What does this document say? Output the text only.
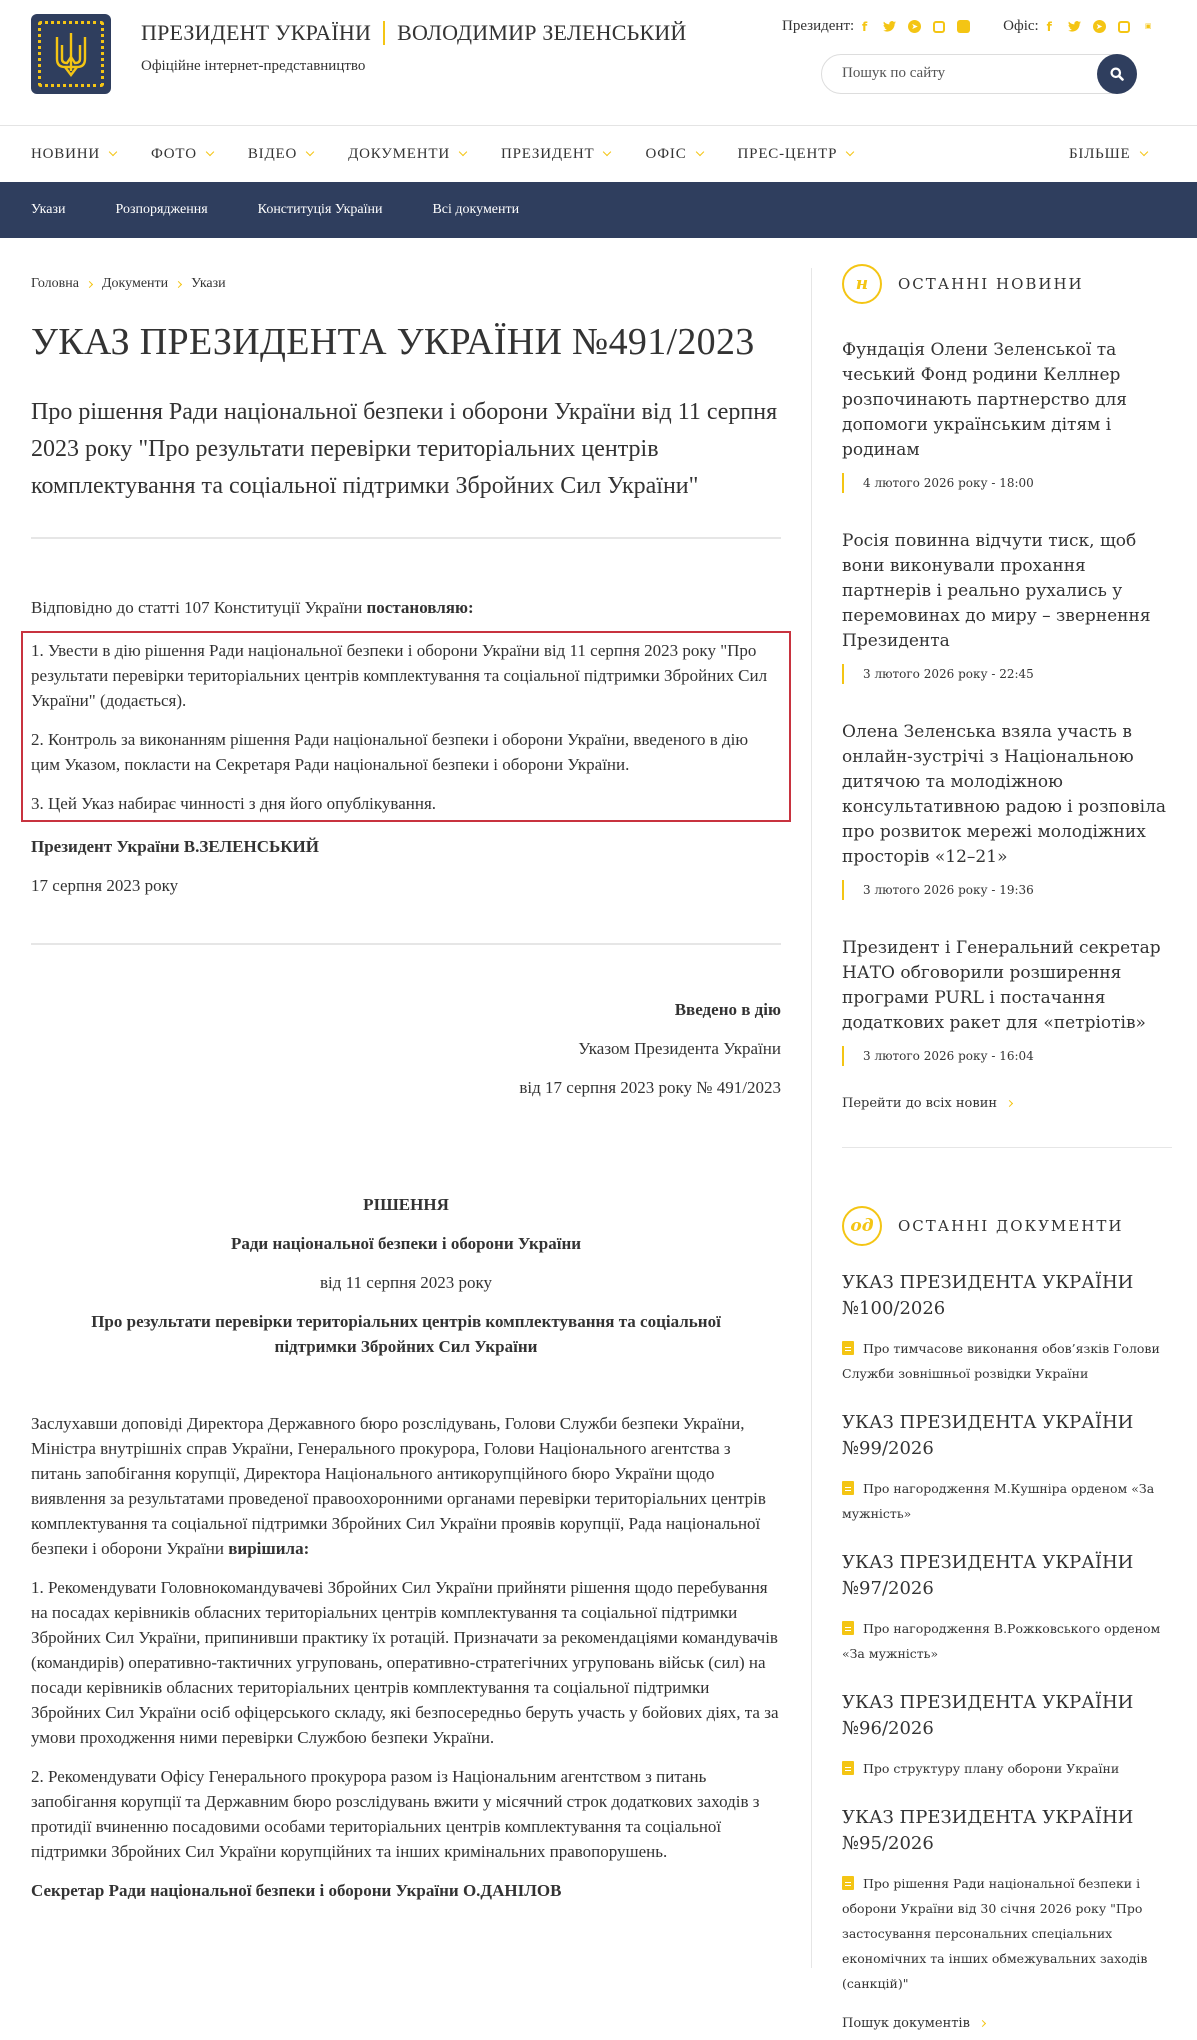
ПРЕЗИДЕНТ УКРАЇНИ ВОЛОДИМИР ЗЕЛЕНСЬКИЙ
Офіційне інтернет-представництво
Президент: f	➤	Офіс: f	➤	▣
Пошук по сайту
НОВИНИ	ФОТО	ВІДЕО	ДОКУМЕНТИ	ПРЕЗИДЕНТ	ОФІС	ПРЕС-ЦЕНТР	БІЛЬШЕ
Укази	Розпорядження	Конституція України	Всі документи
Головна Документи Укази
УКАЗ ПРЕЗИДЕНТА УКРАЇНИ №491/2023
Про рішення Ради національної безпеки і оборони України від 11 серпня 2023 року "Про результати перевірки територіальних центрів комплектування та соціальної підтримки Збройних Сил України"
Відповідно до статті 107 Конституції України постановляю:

1. Увести в дію рішення Ради національної безпеки і оборони України від 11 серпня 2023 року "Про результати перевірки територіальних центрів комплектування та соціальної підтримки Збройних Сил України" (додається).

2. Контроль за виконанням рішення Ради національної безпеки і оборони України, введеного в дію цим Указом, покласти на Секретаря Ради національної безпеки і оборони України.

3. Цей Указ набирає чинності з дня його опублікування.

Президент України В.ЗЕЛЕНСЬКИЙ

17 серпня 2023 року

Введено в дію

Указом Президента України

від 17 серпня 2023 року № 491/2023

РІШЕННЯ

Ради національної безпеки і оборони України

від 11 серпня 2023 року

Про результати перевірки територіальних центрів комплектування та соціальної підтримки Збройних Сил України

Заслухавши доповіді Директора Державного бюро розслідувань, Голови Служби безпеки України, Міністра внутрішніх справ України, Генерального прокурора, Голови Національного агентства з питань запобігання корупції, Директора Національного антикорупційного бюро України щодо виявлення за результатами проведеної правоохоронними органами перевірки територіальних центрів комплектування та соціальної підтримки Збройних Сил України проявів корупції, Рада національної безпеки і оборони України вирішила:

1. Рекомендувати Головнокомандувачеві Збройних Сил України прийняти рішення щодо перебування на посадах керівників обласних територіальних центрів комплектування та соціальної підтримки Збройних Сил України, припинивши практику їх ротацій. Призначати за рекомендаціями командувачів (командирів) оперативно-тактичних угруповань, оперативно-стратегічних угруповань військ (сил) на посади керівників обласних територіальних центрів комплектування та соціальної підтримки Збройних Сил України осіб офіцерського складу, які безпосередньо беруть участь у бойових діях, та за умови проходження ними перевірки Службою безпеки України.

2. Рекомендувати Офісу Генерального прокурора разом із Національним агентством з питань запобігання корупції та Державним бюро розслідувань вжити у місячний строк додаткових заходів з протидії вчиненню посадовими особами територіальних центрів комплектування та соціальної підтримки Збройних Сил України корупційних та інших кримінальних правопорушень.

Секретар Ради національної безпеки і оборони України О.ДАНІЛОВ

н	ОСТАННІ НОВИНИ
Фундація Олени Зеленської та чеський Фонд родини Келлнер розпочинають партнерство для допомоги українським дітям і родинам
4 лютого 2026 року - 18:00
Росія повинна відчути тиск, щоб вони виконували прохання партнерів і реально рухались у перемовинах до миру – звернення Президента
3 лютого 2026 року - 22:45
Олена Зеленська взяла участь в онлайн-зустрічі з Національною дитячою та молодіжною консультативною радою і розповіла про розвиток мережі молодіжних просторів «12–21»
3 лютого 2026 року - 19:36
Президент і Генеральний секретар НАТО обговорили розширення програми PURL і постачання додаткових ракет для «петріотів»
3 лютого 2026 року - 16:04
Перейти до всіх новин
од	ОСТАННІ ДОКУМЕНТИ
УКАЗ ПРЕЗИДЕНТА УКРАЇНИ №100/2026
Про тимчасове виконання обов’язків Голови Служби зовнішньої розвідки України
УКАЗ ПРЕЗИДЕНТА УКРАЇНИ №99/2026
Про нагородження М.Кушніра орденом «За мужність»
УКАЗ ПРЕЗИДЕНТА УКРАЇНИ №97/2026
Про нагородження В.Рожковського орденом «За мужність»
УКАЗ ПРЕЗИДЕНТА УКРАЇНИ №96/2026
Про структуру плану оборони України
УКАЗ ПРЕЗИДЕНТА УКРАЇНИ №95/2026
Про рішення Ради національної безпеки і оборони України від 30 січня 2026 року "Про застосування персональних спеціальних економічних та інших обмежувальних заходів (санкцій)"
Пошук документів
